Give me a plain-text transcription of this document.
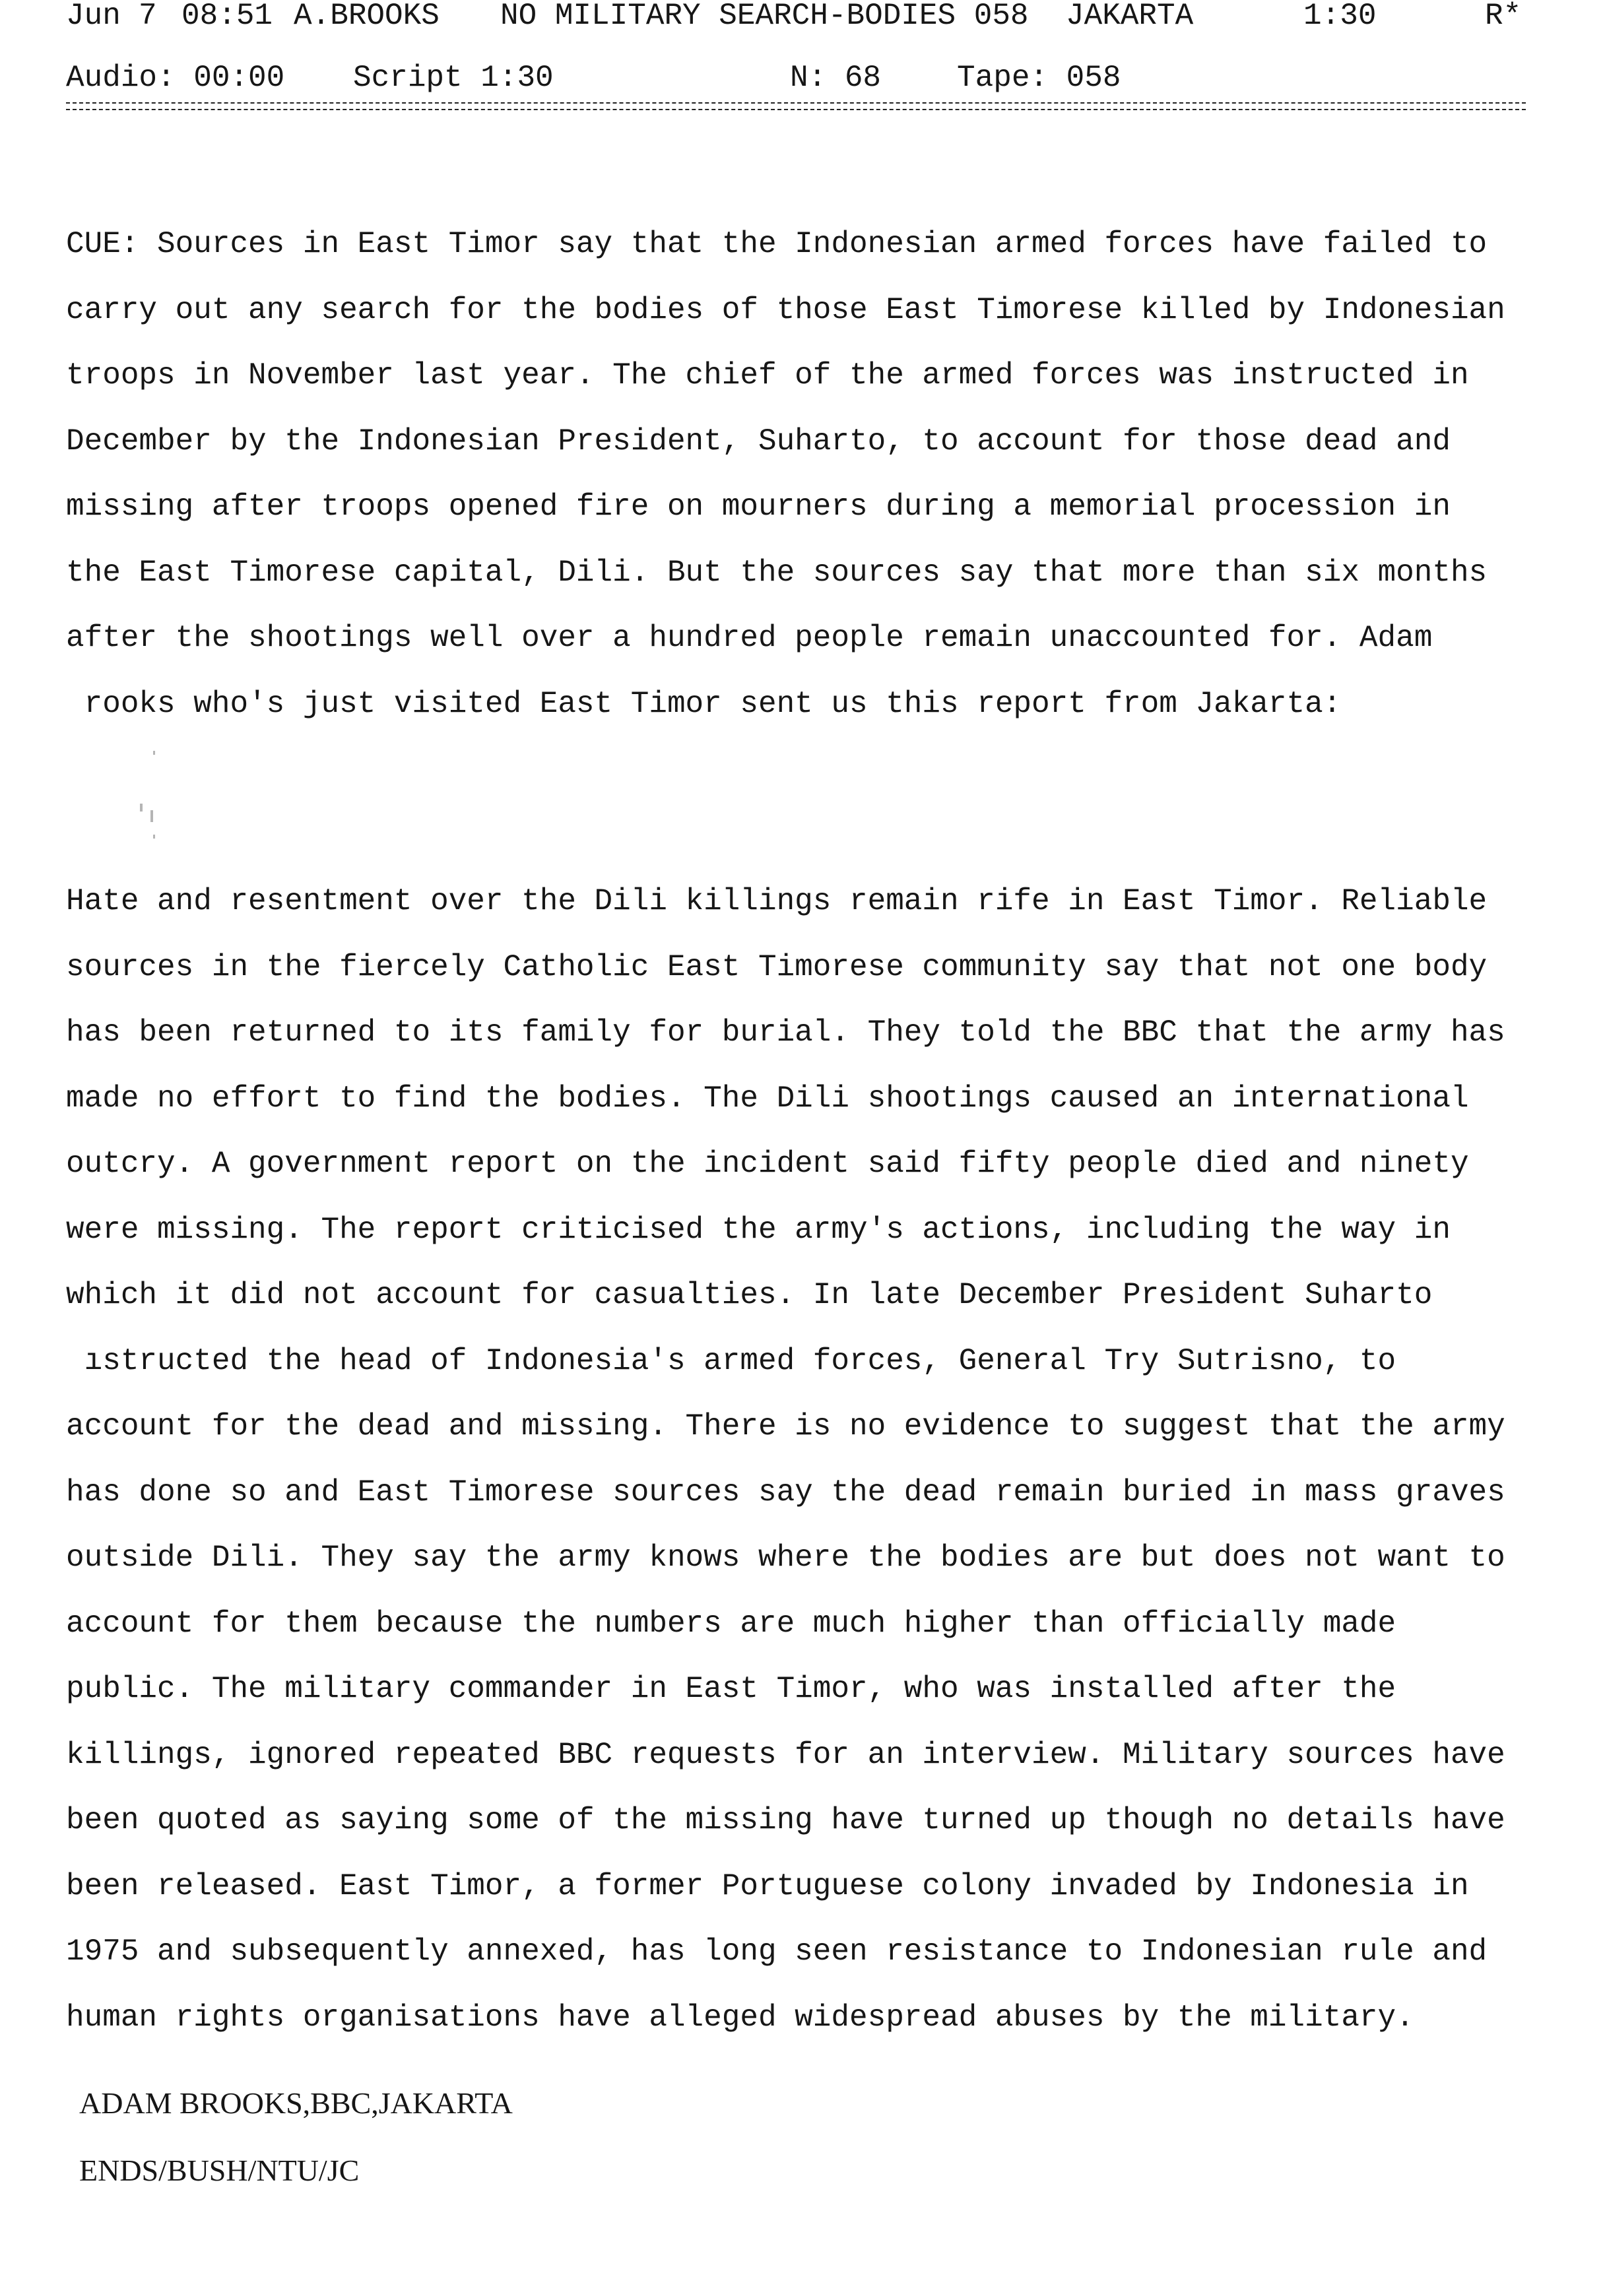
Jun

7

08:51

A.BROOKS

NO MILITARY SEARCH-BODIES 058

JAKARTA

	1:30

	R*

Audio: 00:00

Script 1:30

	N: 68

Tape: 058

CUE: Sources in East Timor say that the Indonesian armed forces have failed to
carry out any search for the bodies of those East Timorese killed by Indonesian
troops in November last year. The chief of the armed forces was instructed in
December by the Indonesian President, Suharto, to account for those dead and
missing after troops opened fire on mourners during a memorial procession in
the East Timorese capital, Dili. But the sources say that more than six months
after the shootings well over a hundred people remain unaccounted for. Adam
rooks who's just visited East Timor sent us this report from Jakarta:
Hate and resentment over the Dili killings remain rife in East Timor. Reliable
sources in the fiercely Catholic East Timorese community say that not one body
has been returned to its family for burial. They told the BBC that the army has
made no effort to find the bodies. The Dili shootings caused an international
outcry. A government report on the incident said fifty people died and ninety
were missing. The report criticised the army's actions, including the way in
which it did not account for casualties. In late December President Suharto
ıstructed the head of Indonesia's armed forces, General Try Sutrisno, to
account for the dead and missing. There is no evidence to suggest that the army
has done so and East Timorese sources say the dead remain buried in mass graves
outside Dili. They say the army knows where the bodies are but does not want to
account for them because the numbers are much higher than officially made
public. The military commander in East Timor, who was installed after the
killings, ignored repeated BBC requests for an interview. Military sources have
been quoted as saying some of the missing have turned up though no details have
been released. East Timor, a former Portuguese colony invaded by Indonesia in
1975 and subsequently annexed, has long seen resistance to Indonesian rule and
human rights organisations have alleged widespread abuses by the military.
ADAM BROOKS,BBC,JAKARTA
ENDS/BUSH/NTU/JC
